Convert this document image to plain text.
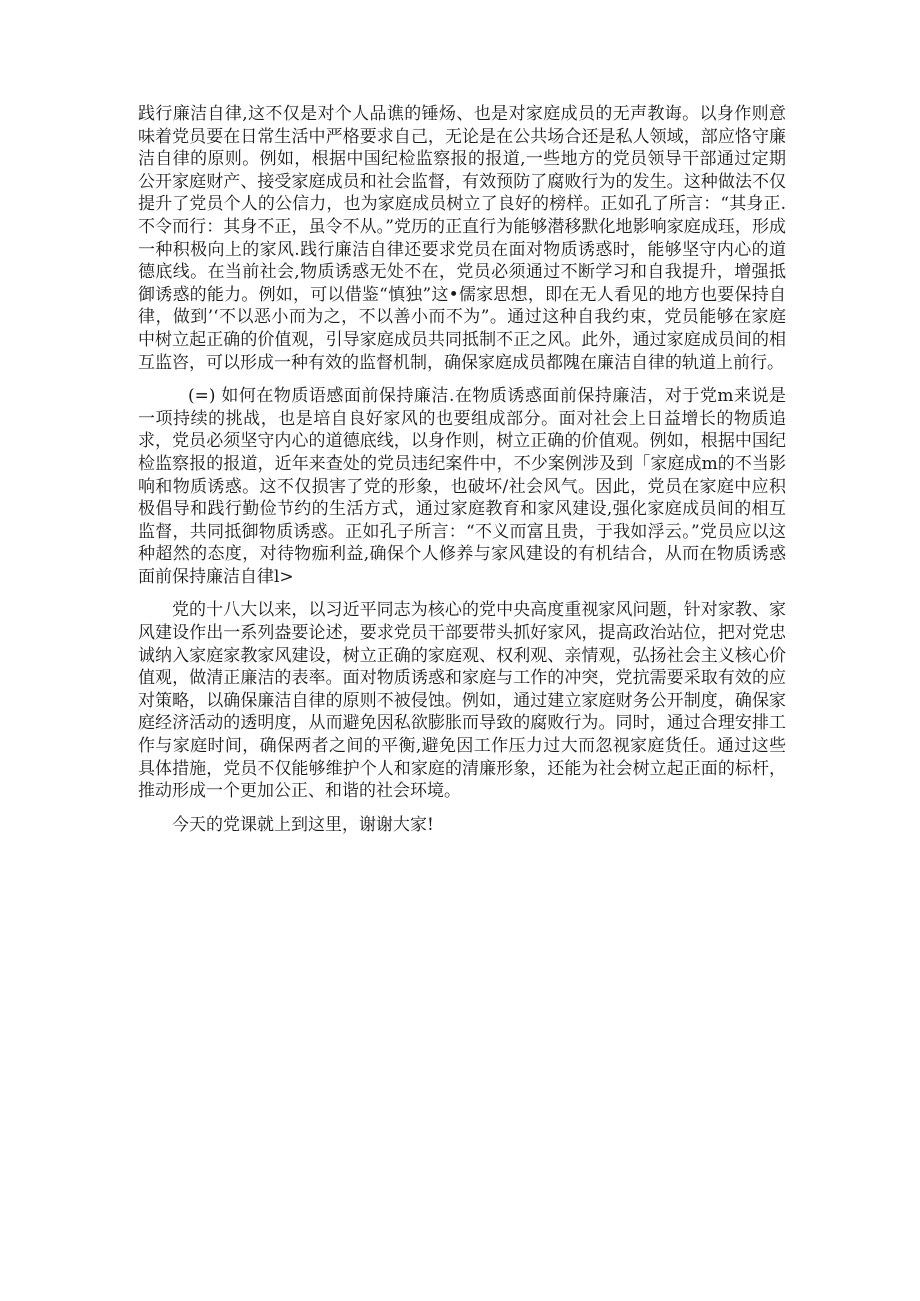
践行廉洁自律,这不仅是对个人品谯的锤炀、也是对家庭成员的无声教诲。以身作则意味着党员要在日常生活中严格要求自己，无论是在公共场合还是私人领域，部应恪守廉洁自律的原则。例如，根据中国纪检监察报的报道,一些地方的党员领导干部通过定期公开家庭财产、接受家庭成员和社会监督，有效预防了腐败行为的发生。这种做法不仅提升了党员个人的公信力，也为家庭成员树立了良好的榜样。正如孔了所言：“其身正.不令而行：其身不正，虽令不从。”党历的正直行为能够潜移默化地影响家庭成珏，形成一种积极向上的家风.践行廉洁自律还要求党员在面对物质诱惑时，能够坚守内心的道德底线。在当前社会,物质诱惑无处不在，党员必须通过不断学习和自我提升，增强抵御诱惑的能力。例如，可以借鉴“慎独”这•儒家思想，即在无人看见的地方也要保持自律，做到’‘不以恶小而为之，不以善小而不为”。通过这种自我约束，党员能够在家庭中树立起正确的价值观，引导家庭成员共同抵制不正之风。此外，通过家庭成员间的相互监咨，可以形成一种有效的监督机制，确保家庭成员都隗在廉洁自律的轨道上前行。

(=) 如何在物质语感面前保持廉洁.在物质诱惑面前保持廉洁，对于党m来说是一项持续的挑战，也是培自良好家风的也要组成部分。面对社会上日益增长的物质追求，党员必须坚守内心的道德底线，以身作则，树立正确的价值观。例如，根据中国纪检监察报的报道，近年来查处的党员违纪案件中，不少案例涉及到「家庭成m的不当影响和物质诱惑。这不仅损害了党的形象，也破坏/社会风气。因此，党员在家庭中应积极倡导和践行勤俭节约的生活方式，通过家庭教育和家风建设,强化家庭成员间的相互监督，共同抵御物质诱惑。正如孔子所言：“不义而富且贵，于我如浮云。”党员应以这种超然的态度，对待物痂利益,确保个人修养与家风建设的有机结合，从而在物质诱惑面前保持廉洁自律l>

党的十八大以来，以习近平同志为核心的党中央高度重视家风问题，针对家教、家风建设作出一系列盎要论述，要求党员干部要带头抓好家风，提高政治站位，把对党忠诚纳入家庭家教家风建设，树立正确的家庭观、权利观、亲情观，弘扬社会主义核心价值观，做清正廉洁的表率。面对物质诱惑和家庭与工作的冲突，党抗需要采取有效的应对策略，以确保廉洁自律的原则不被侵蚀。例如，通过建立家庭财务公开制度，确保家庭经济活动的透明度，从而避免因私欲膨胀而导致的腐败行为。同时，通过合理安排工作与家庭时间，确保两者之间的平衡,避免因工作压力过大而忽视家庭货任。通过这些具体措施，党员不仅能够维护个人和家庭的清廉形象，还能为社会树立起正面的标杆，推动形成一个更加公正、和谐的社会环境。

今天的党课就上到这里，谢谢大家!
